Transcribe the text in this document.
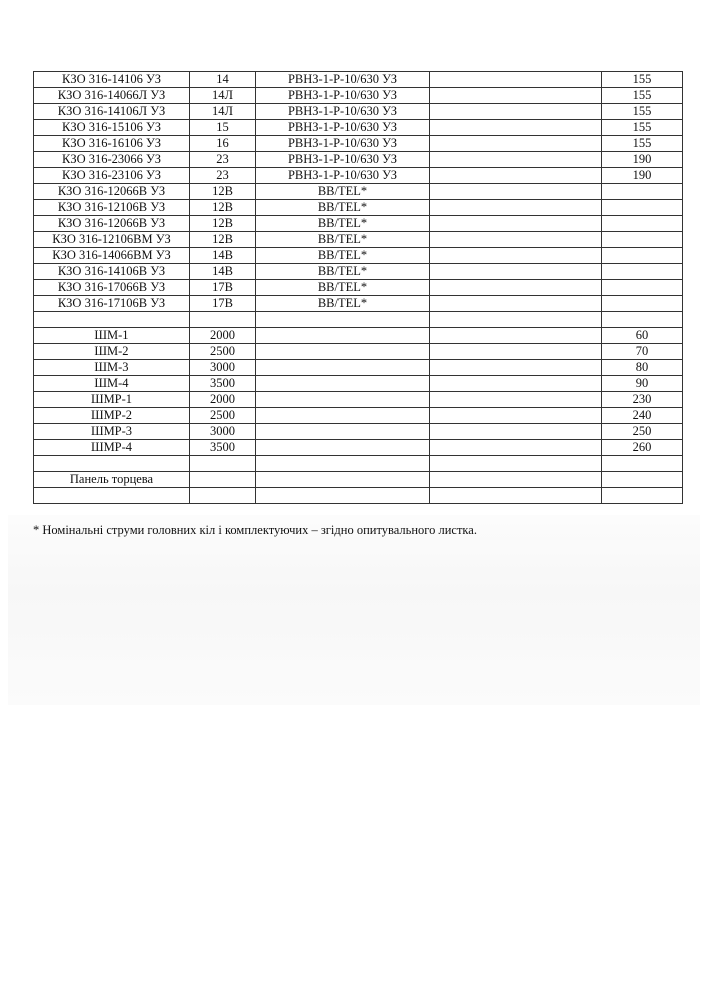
КЗО 316-14106 УЗ	14	РВНЗ-1-Р-10/630 УЗ		155
КЗО 316-14066Л УЗ	14Л	РВНЗ-1-Р-10/630 УЗ		155
КЗО 316-14106Л УЗ	14Л	РВНЗ-1-Р-10/630 УЗ		155
КЗО 316-15106 УЗ	15	РВНЗ-1-Р-10/630 УЗ		155
КЗО 316-16106 УЗ	16	РВНЗ-1-Р-10/630 УЗ		155
КЗО 316-23066 УЗ	23	РВНЗ-1-Р-10/630 УЗ		190
КЗО 316-23106 УЗ	23	РВНЗ-1-Р-10/630 УЗ		190
КЗО 316-12066В УЗ	12В	BB/TEL*		
КЗО 316-12106В УЗ	12В	BB/TEL*		
КЗО 316-12066В УЗ	12В	BB/TEL*		
КЗО 316-12106ВМ УЗ	12В	BB/TEL*		
КЗО 316-14066ВМ УЗ	14В	BB/TEL*		
КЗО 316-14106В УЗ	14В	BB/TEL*		
КЗО 316-17066В УЗ	17В	BB/TEL*		
КЗО 316-17106В УЗ	17В	BB/TEL*		

ШМ-1	2000			60
ШМ-2	2500			70
ШМ-3	3000			80
ШМ-4	3500			90
ШМР-1	2000			230
ШМР-2	2500			240
ШМР-3	3000			250
ШМР-4	3500			260

Панель торцева				

* Номінальні струми головних кіл і комплектуючих – згідно опитувального листка.
